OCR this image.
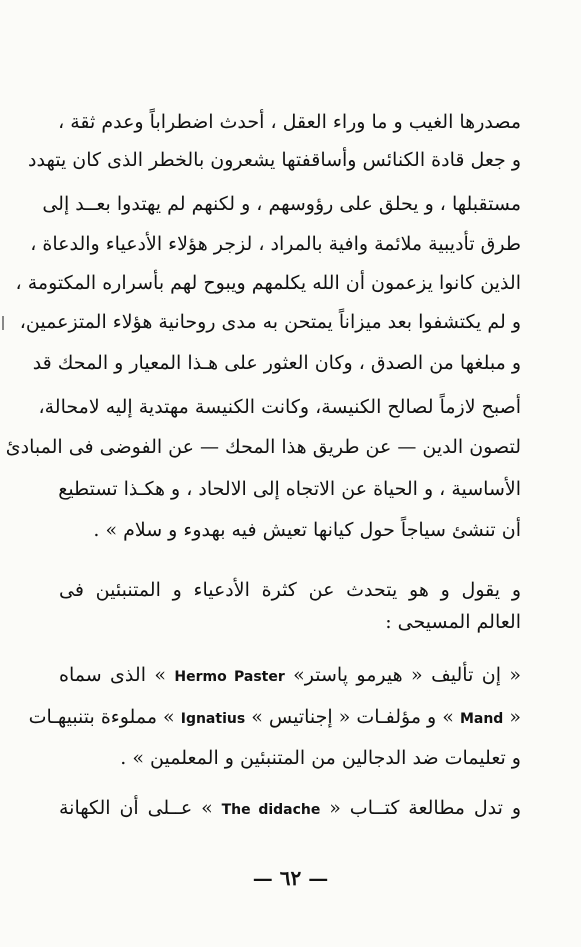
مصدرها الغيب و ما وراء العقل ، أحدث اضطراباً وعدم ثقة ،
و جعل قادة الكنائس وأساقفتها يشعرون بالخطر الذى كان يتهدد
مستقبلها ، و يحلق على رؤوسهم ، و لكنهم لم يهتدوا بعــد إلى
طرق تأديبية ملائمة وافية بالمراد ، لزجر هؤلاء الأدعياء والدعاة ،
الذين كانوا يزعمون أن الله يكلمهم ويبوح لهم بأسراره المكتومة ،
و لم يكتشفوا بعد ميزاناً يمتحن به مدى روحانية هؤلاء المتزعمين،
و مبلغها من الصدق ، وكان العثور على هـذا المعيار و المحك قد
أصبح لازماً لصالح الكنيسة، وكانت الكنيسة مهتدية إليه لامحالة،
لتصون الدين — عن طريق هذا المحك — عن الفوضى فى المبادئ
الأساسية ، و الحياة عن الاتجاه إلى الالحاد ، و هكـذا تستطيع
أن تنشئ سياجاً حول كيانها تعيش فيه بهدوء و سلام » .
و يقول و هو يتحدث عن كثرة الأدعياء و المتنبئين فى
العالم المسيحى :
« إن تأليف « هيرمو پاستر» Hermo Paster » الذى سماه
« Mand » و مؤلفـات « إجناتيس » Ignatius » مملوءة بتنبيهـات
و تعليمات ضد الدجالين من المتنبئين و المعلمين » .
و تدل مطالعة كتــاب « The didache » عــلى أن الكهانة
— ٦٢ —
